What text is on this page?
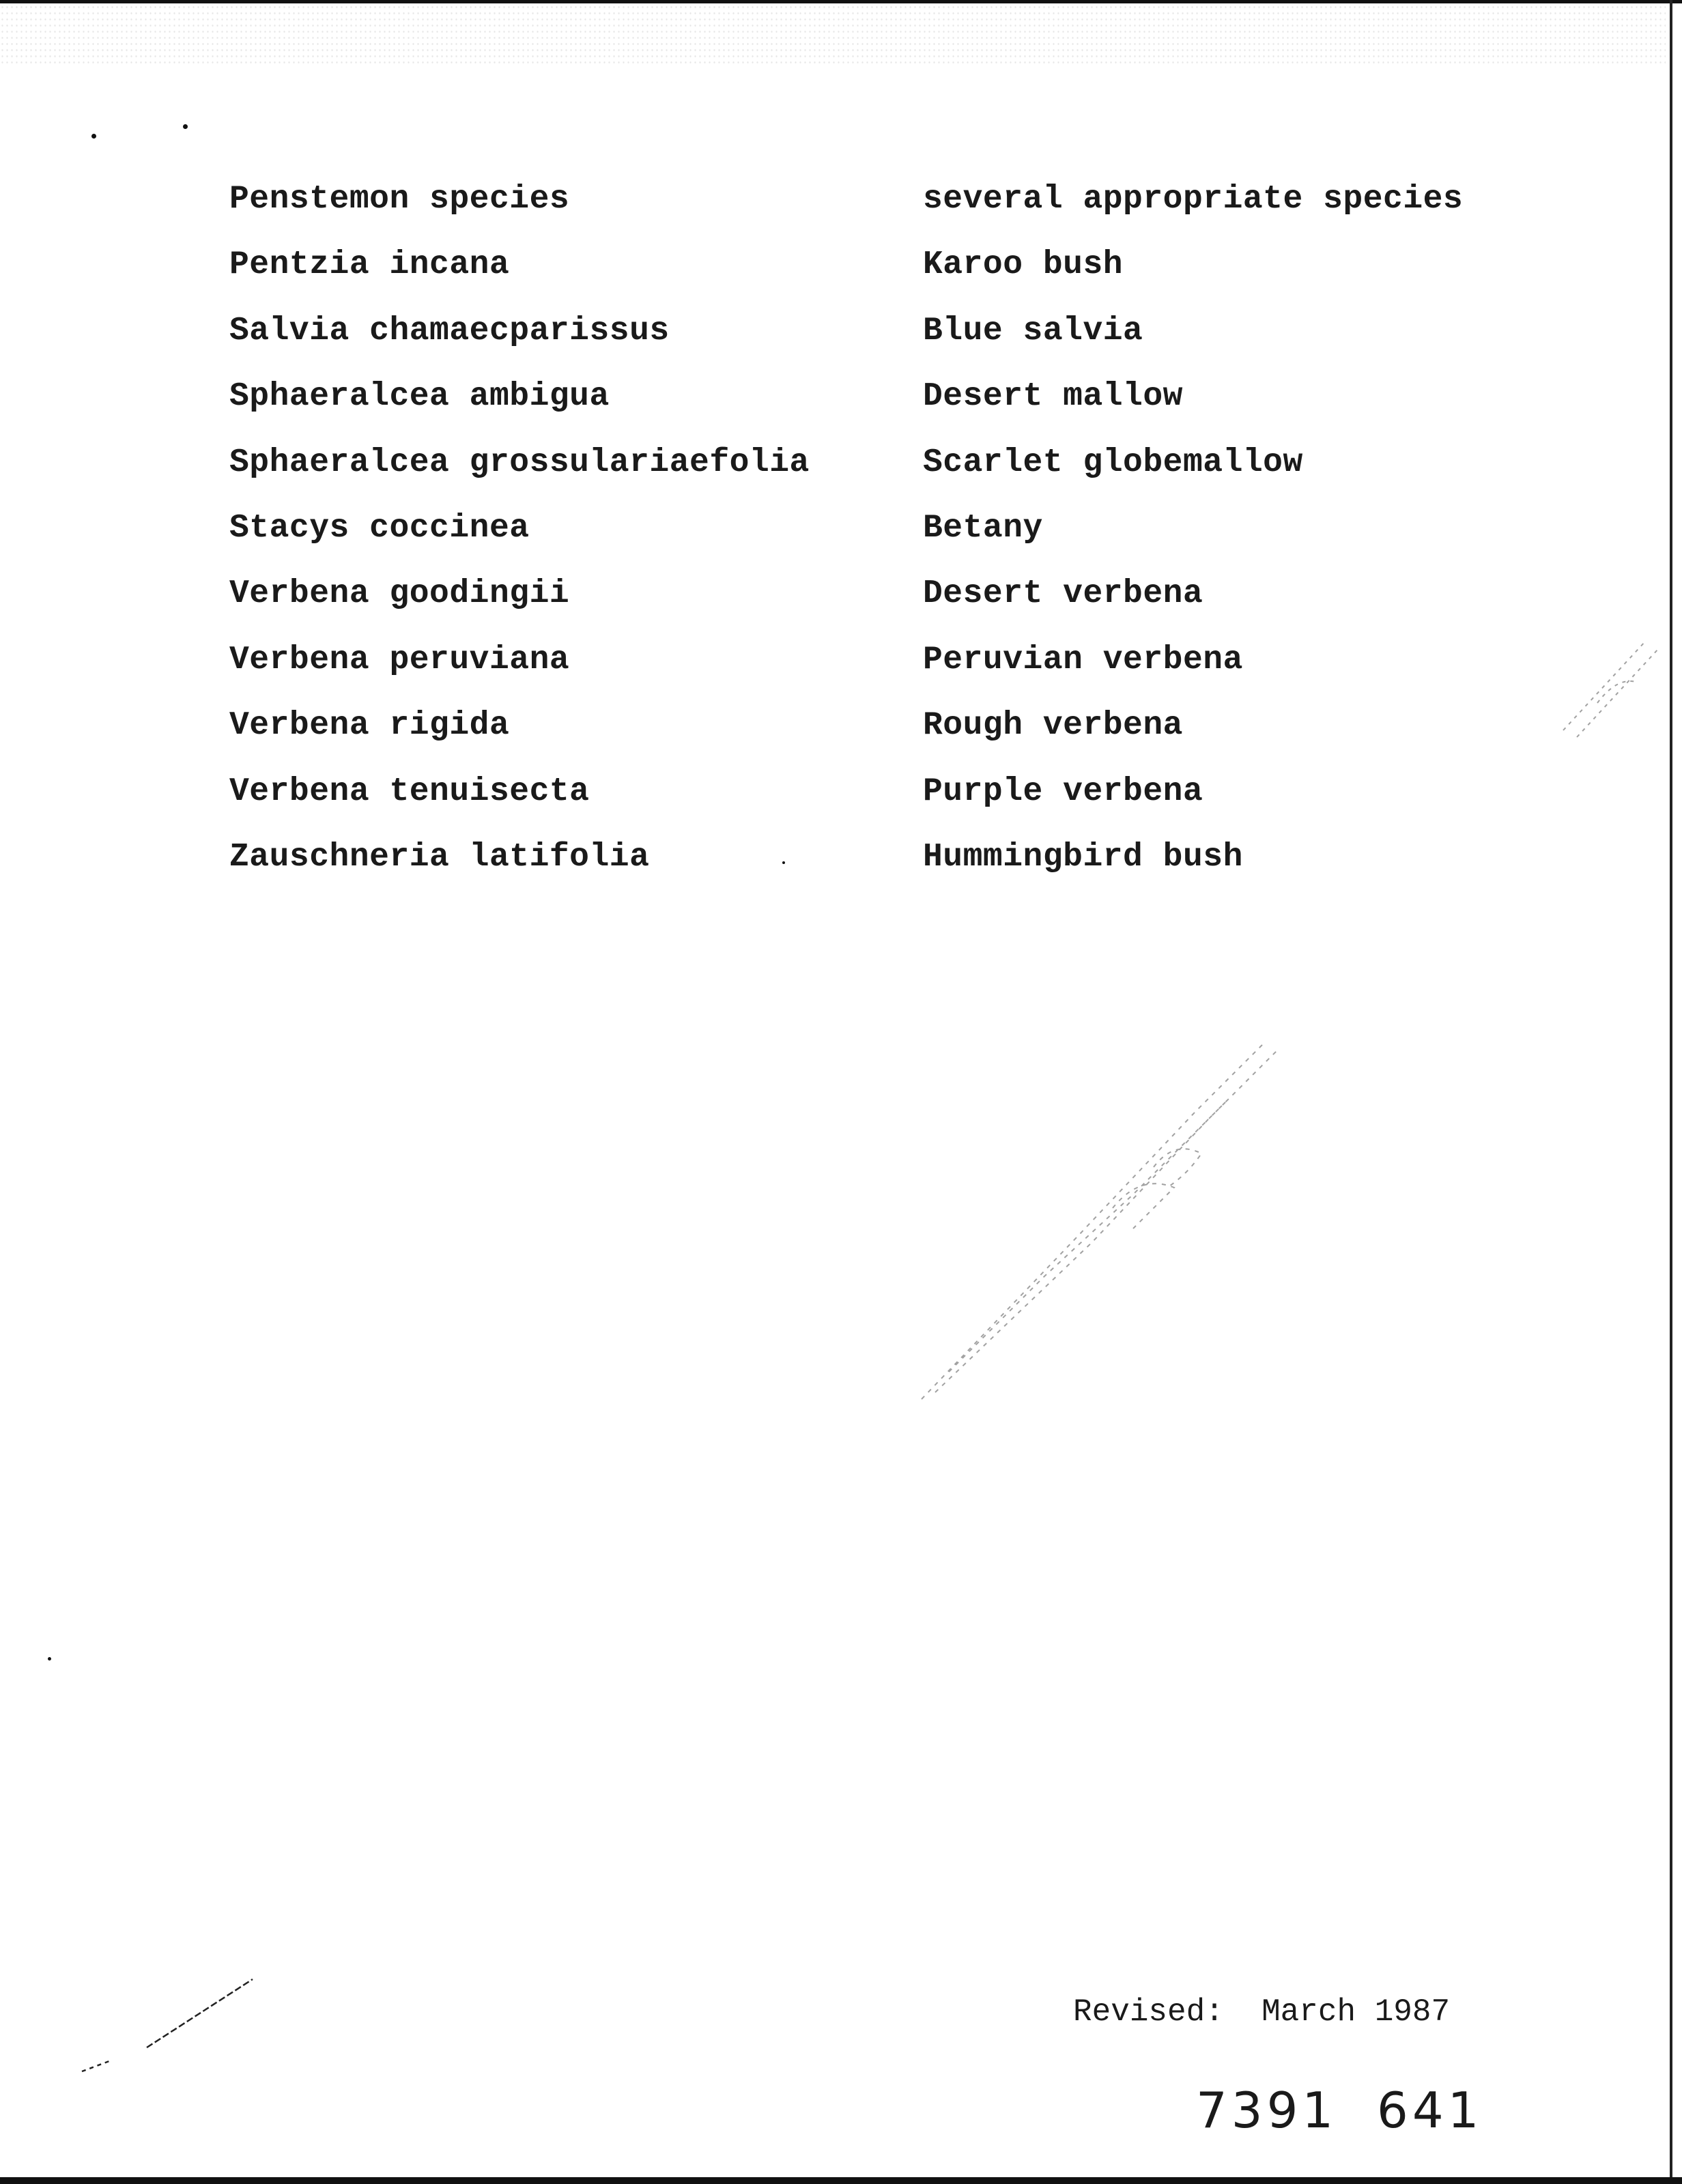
Penstemon species
Pentzia incana
Salvia chamaecparissus
Sphaeralcea ambigua
Sphaeralcea grossulariaefolia
Stacys coccinea
Verbena goodingii
Verbena peruviana
Verbena rigida
Verbena tenuisecta
Zauschneria latifolia
several appropriate species
Karoo bush
Blue salvia
Desert mallow
Scarlet globemallow
Betany
Desert verbena
Peruvian verbena
Rough verbena
Purple verbena
Hummingbird bush
Revised: March 1987
7391  641
